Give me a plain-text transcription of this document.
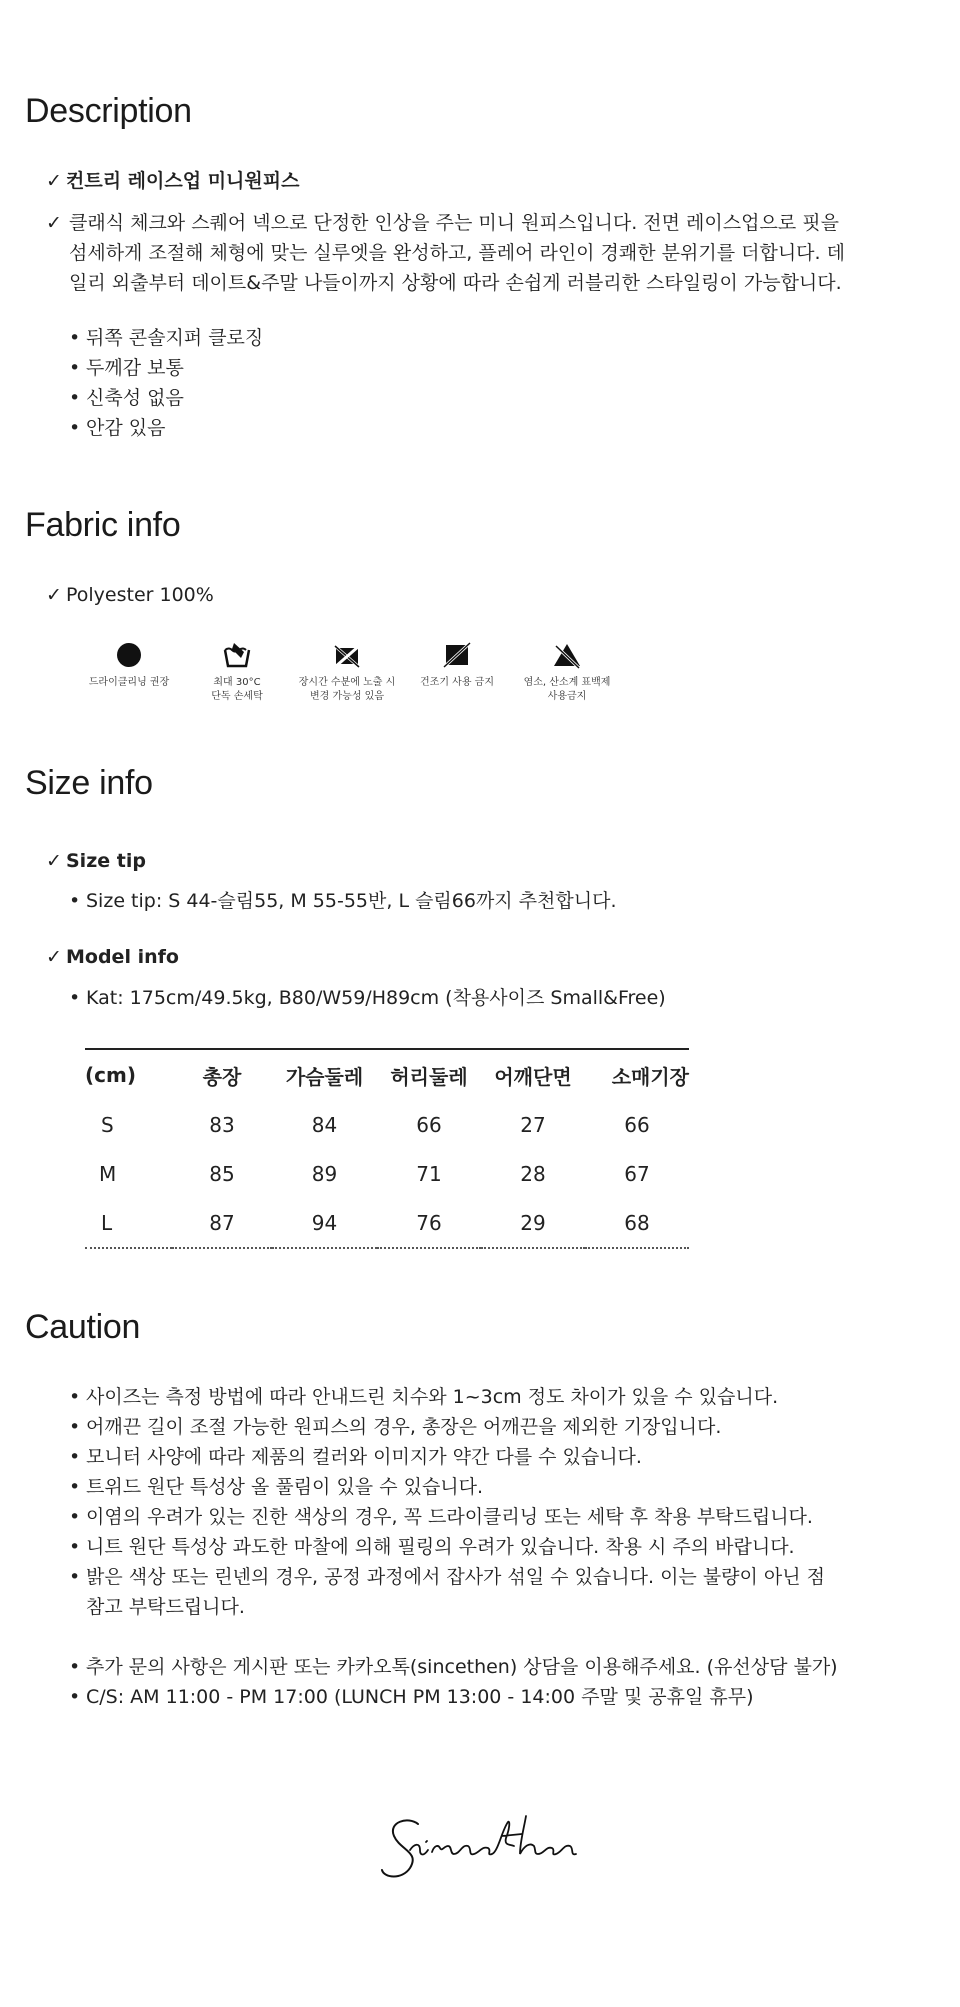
Description
✓ 컨트리 레이스업 미니원피스
✓ 클래식 체크와 스퀘어 넥으로 단정한 인상을 주는 미니 원피스입니다. 전면 레이스업으로 핏을 섬세하게 조절해 체형에 맞는 실루엣을 완성하고, 플레어 라인이 경쾌한 분위기를 더합니다. 데일리 외출부터 데이트&주말 나들이까지 상황에 따라 손쉽게 러블리한 스타일링이 가능합니다.
• 뒤쪽 콘솔지퍼 클로징
• 두께감 보통
• 신축성 없음
• 안감 있음
Fabric info
✓ Polyester 100%
드라이클리닝 권장	최대 30°C
단독 손세탁
장시간 수분에 노출 시
변경 가능성 있음
건조기 사용 금지	염소, 산소계 표백제
사용금지
Size info
✓ Size tip
• Size tip: S 44-슬림55, M 55-55반, L 슬림66까지 추천합니다.
✓ Model info
• Kat: 175cm/49.5kg, B80/W59/H89cm (착용사이즈 Small&Free)
	(cm)	총장	가슴둘레	허리둘레	어깨단면	소매기장
	S	83	84	66	27	66
	M	85	89	71	28	67
	L	87	94	76	29	68
Caution
• 사이즈는 측정 방법에 따라 안내드린 치수와 1~3cm 정도 차이가 있을 수 있습니다.
• 어깨끈 길이 조절 가능한 원피스의 경우, 총장은 어깨끈을 제외한 기장입니다.
• 모니터 사양에 따라 제품의 컬러와 이미지가 약간 다를 수 있습니다.
• 트위드 원단 특성상 올 풀림이 있을 수 있습니다.
• 이염의 우려가 있는 진한 색상의 경우, 꼭 드라이클리닝 또는 세탁 후 착용 부탁드립니다.
• 니트 원단 특성상 과도한 마찰에 의해 필링의 우려가 있습니다. 착용 시 주의 바랍니다.
• 밝은 색상 또는 린넨의 경우, 공정 과정에서 잡사가 섞일 수 있습니다. 이는 불량이 아닌 점 참고 부탁드립니다.
• 추가 문의 사항은 게시판 또는 카카오톡(sincethen) 상담을 이용해주세요. (유선상담 불가)
• C/S: AM 11:00 - PM 17:00 (LUNCH PM 13:00 - 14:00 주말 및 공휴일 휴무)
